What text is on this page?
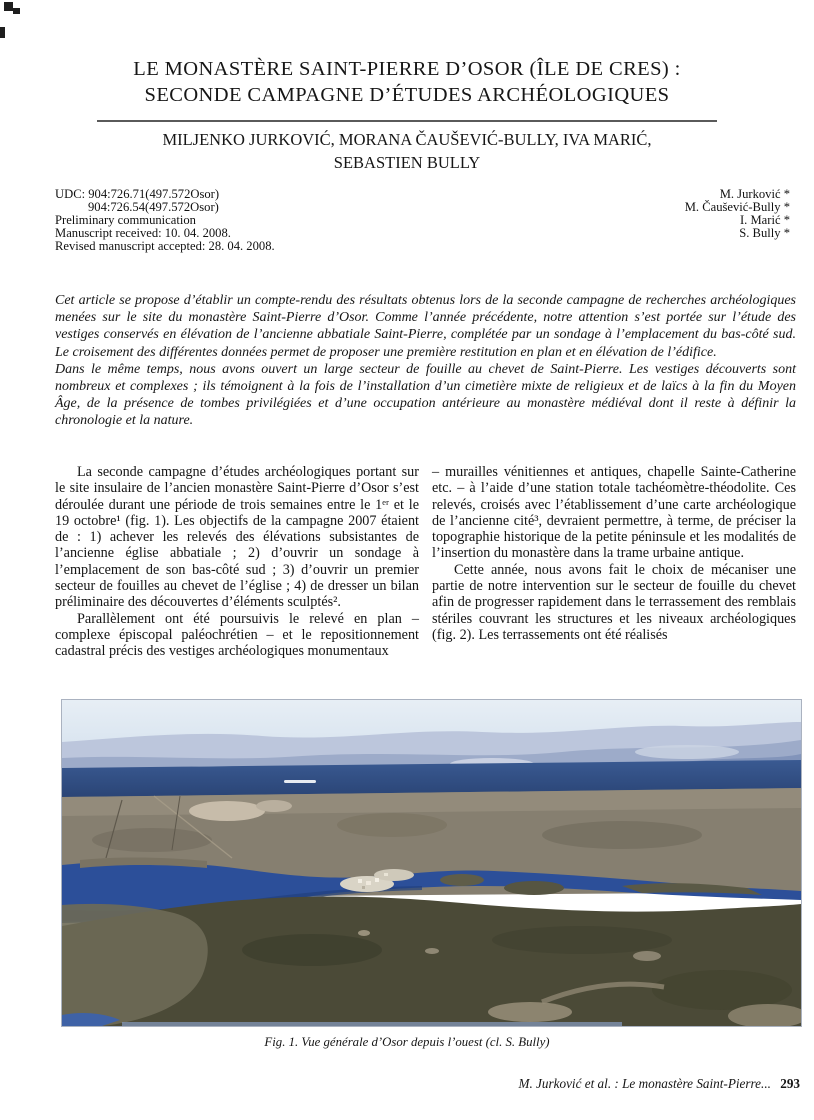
LE MONASTÈRE SAINT-PIERRE D’OSOR (ÎLE DE CRES) :
SECONDE CAMPAGNE D’ÉTUDES ARCHÉOLOGIQUES
MILJENKO JURKOVIĆ, MORANA ČAUŠEVIĆ-BULLY, IVA MARIĆ,
SEBASTIEN BULLY
UDC: 904:726.71(497.572Osor)
904:726.54(497.572Osor)
Preliminary communication
Manuscript received: 10. 04. 2008.
Revised manuscript accepted: 28. 04. 2008.
M. Jurković *
M. Čaušević-Bully *
I. Marić *
S. Bully *

Cet article se propose d’établir un compte-rendu des résultats obtenus lors de la seconde campagne de recherches archéologiques menées sur le site du monastère Saint-Pierre d’Osor. Comme l’année précédente, notre attention s’est portée sur l’étude des vestiges conservés en élévation de l’ancienne abbatiale Saint-Pierre, complétée par un sondage à l’emplacement du bas-côté sud. Le croisement des différentes données permet de proposer une première restitution en plan et en élévation de l’édifice.

Dans le même temps, nous avons ouvert un large secteur de fouille au chevet de Saint-Pierre. Les vestiges découverts sont nombreux et complexes ; ils témoignent à la fois de l’installation d’un cimetière mixte de religieux et de laïcs à la fin du Moyen Âge, de la présence de tombes privilégiées et d’une occupation antérieure au monastère médiéval dont il reste à définir la chronologie et la nature.

La seconde campagne d’études archéologiques portant sur le site insulaire de l’ancien monastère Saint-Pierre d’Osor s’est déroulée durant une période de trois semaines entre le 1ᵉʳ et le 19 octobre¹ (fig. 1). Les objectifs de la campagne 2007 étaient de : 1) achever les relevés des élévations subsistantes de l’ancienne église abbatiale ; 2) d’ouvrir un sondage à l’emplacement de son bas-côté sud ; 3) d’ouvrir un premier secteur de fouilles au chevet de l’église ; 4) de dresser un bilan préliminaire des découvertes d’éléments sculptés².

Parallèlement ont été poursuivis le relevé en plan – complexe épiscopal paléochrétien – et le repositionnement cadastral précis des vestiges archéologiques monumentaux

– murailles vénitiennes et antiques, chapelle Sainte-Catherine etc. – à l’aide d’une station totale tachéomètre-théodolite. Ces relevés, croisés avec l’établissement d’une carte archéologique de l’ancienne cité³, devraient permettre, à terme, de préciser la topographie historique de la petite péninsule et les modalités de l’insertion du monastère dans la trame urbaine antique.

Cette année, nous avons fait le choix de mécaniser une partie de notre intervention sur le secteur de fouille du chevet afin de progresser rapidement dans le terrassement des remblais stériles couvrant les structures et les niveaux archéologiques (fig. 2). Les terrassements ont été réalisés

Fig. 1. Vue générale d’Osor depuis l’ouest (cl. S. Bully)
M. Jurković et al. : Le monastère Saint-Pierre... 293
